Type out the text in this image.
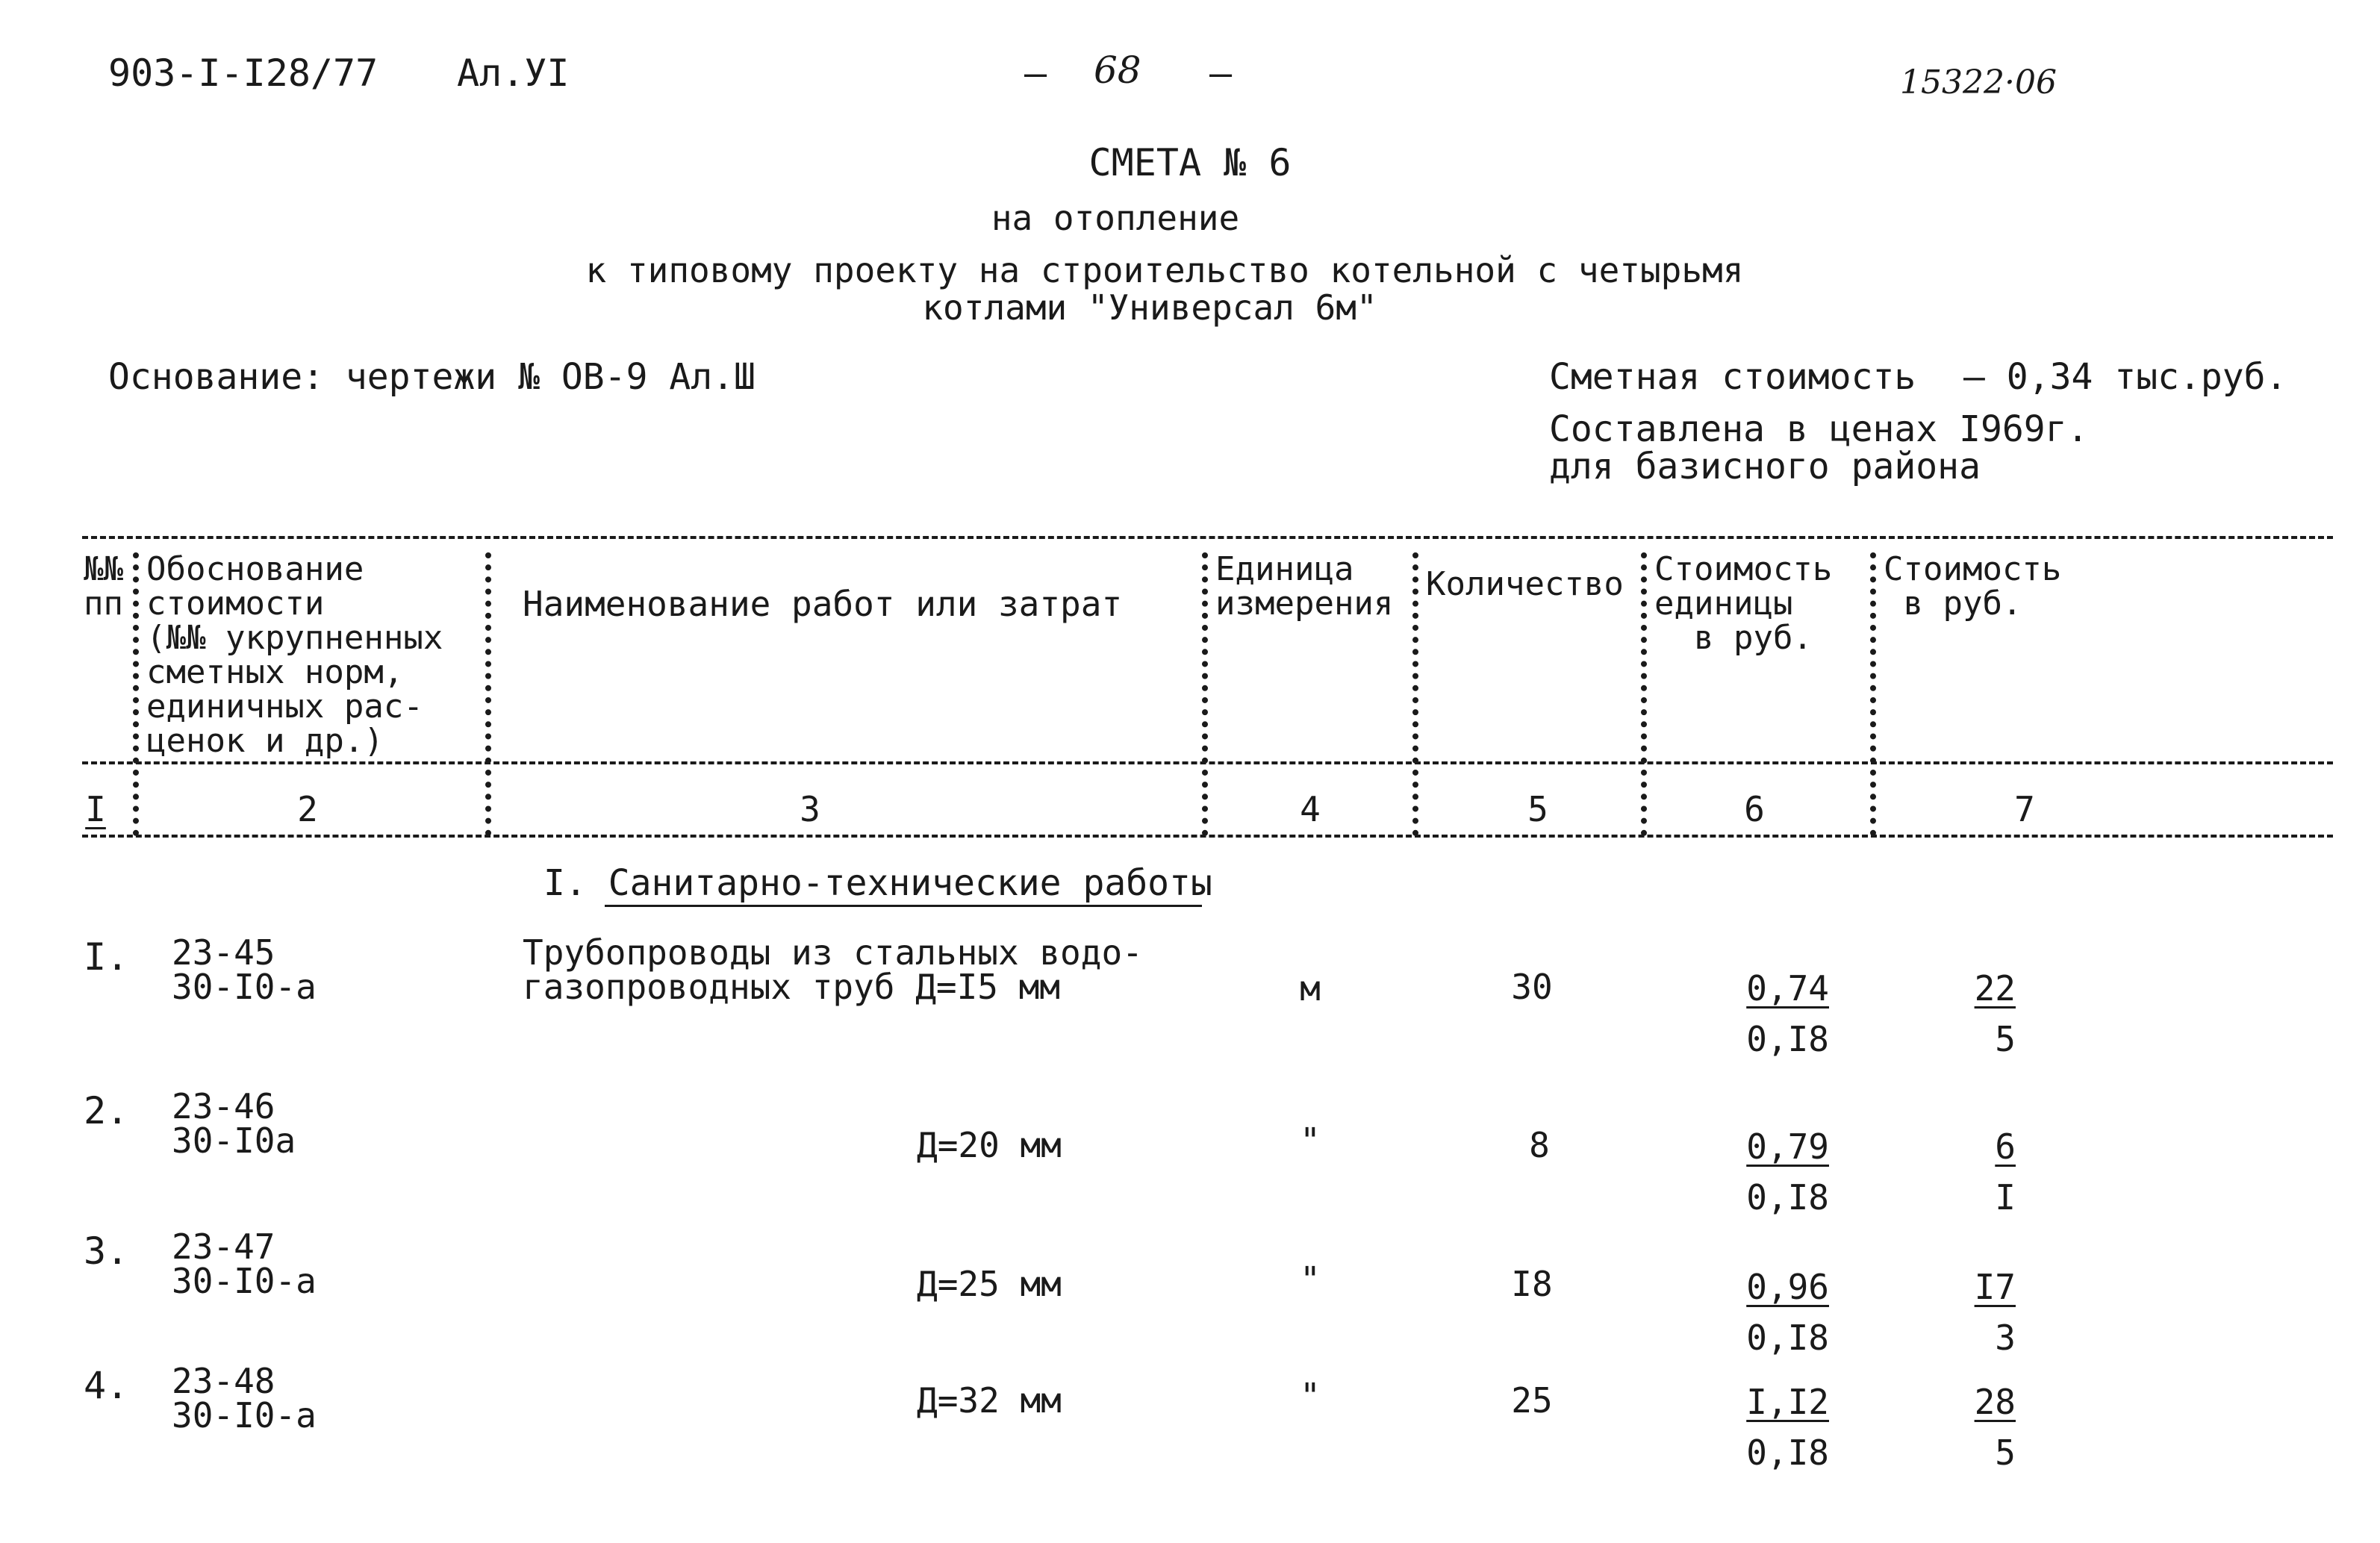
903-I-I28/77 Ал.УI	– 68 –	15322·06
СМЕТА № 6
на отопление
к типовому проекту на строительство котельной с четырьмя
котлами "Универсал 6м"
Основание: чертежи № ОВ-9 Ал.Ш	Сметная стоимость – 0,34 тыс.руб.
Составлена в ценах I969г.
для базисного района
№№
пп
Обоснование
стоимости
(№№ укрупненных
сметных норм,
единичных рас-
ценок и др.)
Наименование работ или затрат
Единица
измерения
Количество Стоимость
единицы
в руб.
Стоимость
в руб.
I	2	3	4	5	6	7
I. Санитарно-технические работы
I. 23-45
30-I0-а
Трубопроводы из стальных водо-
газопроводных труб Д=I5 мм	м	30	$\frac{0,74}{0,I8}$	$\frac{22}{5}$
2. 23-46
30-I0а	Д=20 мм	"	8	$\frac{0,79}{0,I8}$	$\frac{6}{I}$
3. 23-47
30-I0-а	Д=25 мм	"	I8	$\frac{0,96}{0,I8}$	$\frac{I7}{3}$
4. 23-48
30-I0-а	Д=32 мм	"	25	$\frac{I,I2}{0,I8}$	$\frac{28}{5}$
